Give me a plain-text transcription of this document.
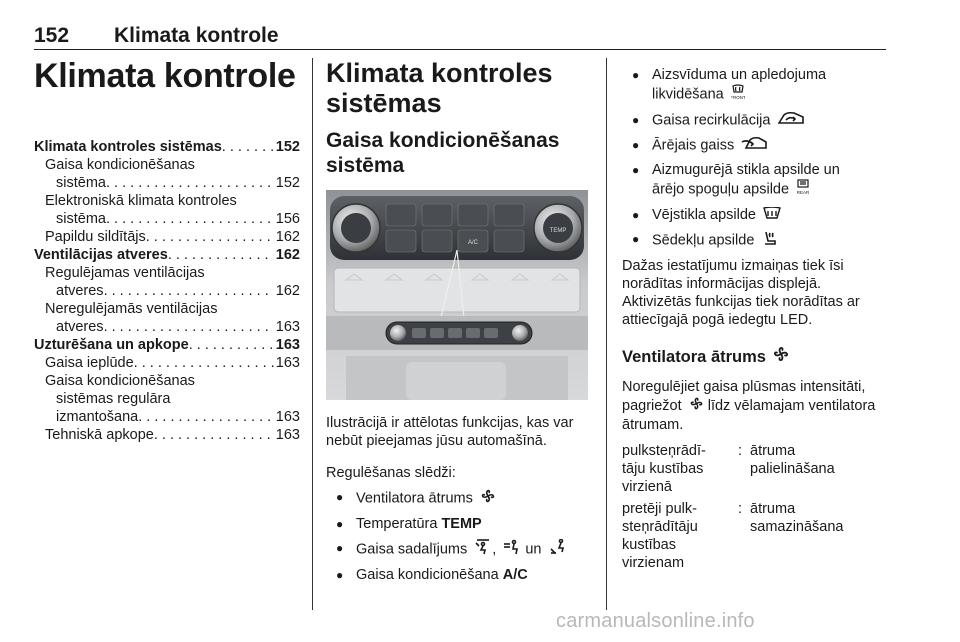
152 Klimata kontrole
Klimata kontrole
Klimata kontroles sistēmas . . .	152
Gaisa kondicionēšanas
sistēma . . .	152
Elektroniskā klimata kontroles
sistēma . . .	156
Papildu sildītājs . . .	162
Ventilācijas atveres . . .	162
Regulējamas ventilācijas
atveres . . .	162
Neregulējamās ventilācijas
atveres . . .	163
Uzturēšana un apkope . . .	163
Gaisa ieplūde . . .	163
Gaisa kondicionēšanas
sistēmas regulāra
izmantošana . . .	163
Tehniskā apkope . . .	163
Klimata kontroles
sistēmas
Gaisa kondicionēšanas
sistēma
TEMP
A/C
Ilustrācijā ir attēlotas funkcijas, kas var nebūt pieejamas jūsu automašīnā.
Regulēšanas slēdži:
● Ventilatora ātrums
● Temperatūra TEMP
● Gaisa sadalījums , un
● Gaisa kondicionēšana A/C
● Aizsvīduma un apledojuma
likvidēšana FRONT
● Gaisa recirkulācija
● Ārējais gaiss
● Aizmugurējā stikla apsilde un
ārējo spoguļu apsilde REAR
● Vējstikla apsilde
● Sēdekļu apsilde
Dažas iestatījumu izmaiņas tiek īsi norādītas informācijas displejā. Aktivizētās funkcijas tiek norādītas ar attiecīgajā pogā iedegtu LED.
Ventilatora ātrums
Noregulējiet gaisa plūsmas intensitāti, pagriežot līdz vēlamajam ventilatora ātrumam.
pulksteņrādī-
tāju kustības
virzienā
: ātruma
palielināšana
pretēji pulk-
steņrādītāju
kustības
virzienam
: ātruma
samazināšana
carmanualsonline.info
